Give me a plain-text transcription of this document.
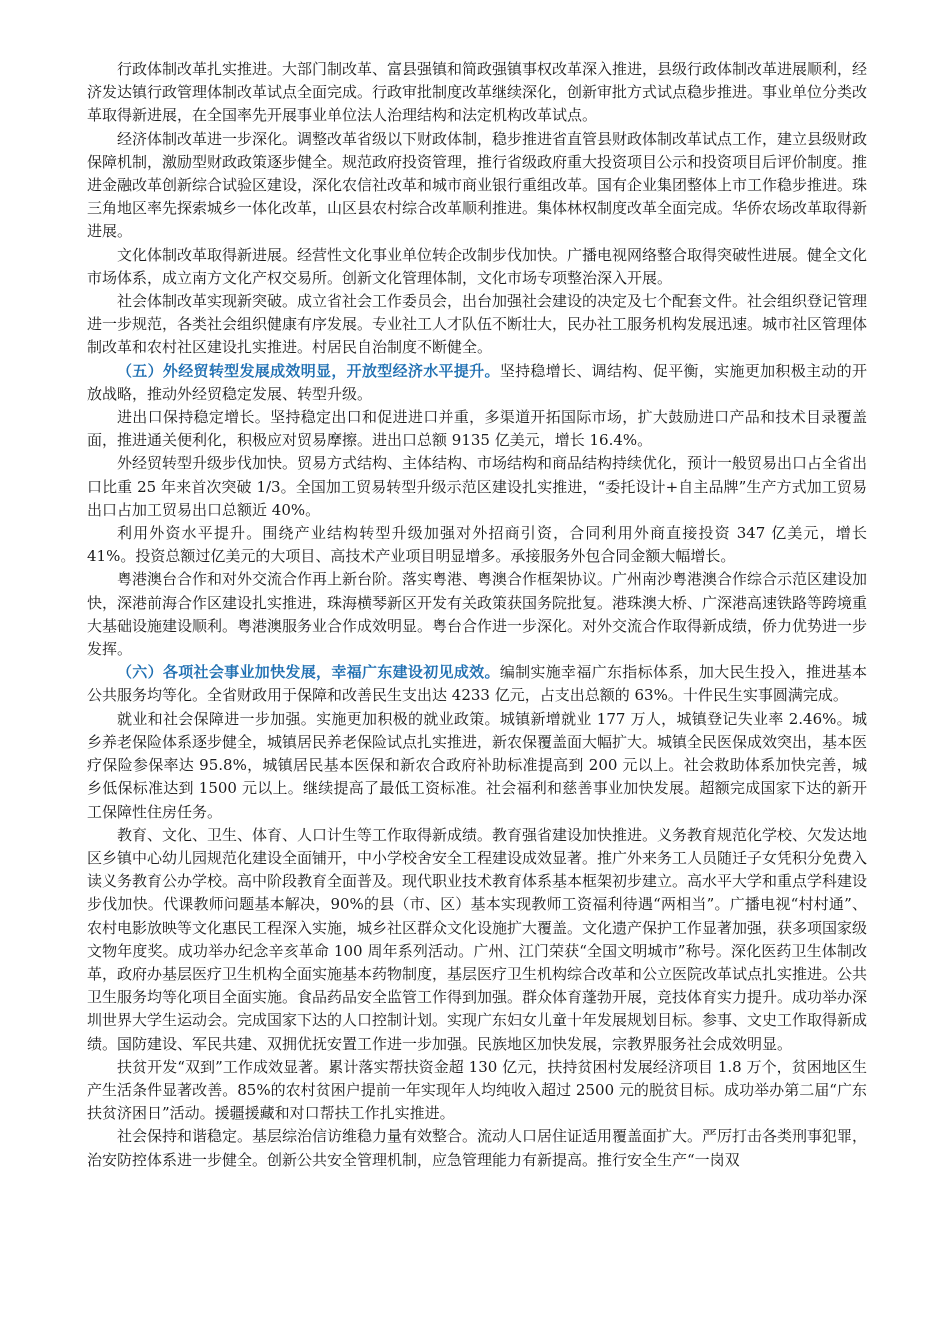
行政体制改革扎实推进。大部门制改革、富县强镇和简政强镇事权改革深入推进，县级行政体制改革进展顺利，经济发达镇行政管理体制改革试点全面完成。行政审批制度改革继续深化，创新审批方式试点稳步推进。事业单位分类改革取得新进展，在全国率先开展事业单位法人治理结构和法定机构改革试点。

经济体制改革进一步深化。调整改革省级以下财政体制，稳步推进省直管县财政体制改革试点工作，建立县级财政保障机制，激励型财政政策逐步健全。规范政府投资管理，推行省级政府重大投资项目公示和投资项目后评价制度。推进金融改革创新综合试验区建设，深化农信社改革和城市商业银行重组改革。国有企业集团整体上市工作稳步推进。珠三角地区率先探索城乡一体化改革，山区县农村综合改革顺利推进。集体林权制度改革全面完成。华侨农场改革取得新进展。

文化体制改革取得新进展。经营性文化事业单位转企改制步伐加快。广播电视网络整合取得突破性进展。健全文化市场体系，成立南方文化产权交易所。创新文化管理体制，文化市场专项整治深入开展。

社会体制改革实现新突破。成立省社会工作委员会，出台加强社会建设的决定及七个配套文件。社会组织登记管理进一步规范，各类社会组织健康有序发展。专业社工人才队伍不断壮大，民办社工服务机构发展迅速。城市社区管理体制改革和农村社区建设扎实推进。村居民自治制度不断健全。

（五）外经贸转型发展成效明显，开放型经济水平提升。坚持稳增长、调结构、促平衡，实施更加积极主动的开放战略，推动外经贸稳定发展、转型升级。

进出口保持稳定增长。坚持稳定出口和促进进口并重，多渠道开拓国际市场，扩大鼓励进口产品和技术目录覆盖面，推进通关便利化，积极应对贸易摩擦。进出口总额 9135 亿美元，增长 16.4%。

外经贸转型升级步伐加快。贸易方式结构、主体结构、市场结构和商品结构持续优化，预计一般贸易出口占全省出口比重 25 年来首次突破 1/3。全国加工贸易转型升级示范区建设扎实推进，“委托设计+自主品牌”生产方式加工贸易出口占加工贸易出口总额近 40%。

利用外资水平提升。围绕产业结构转型升级加强对外招商引资，合同利用外商直接投资 347 亿美元，增长 41%。投资总额过亿美元的大项目、高技术产业项目明显增多。承接服务外包合同金额大幅增长。

粤港澳台合作和对外交流合作再上新台阶。落实粤港、粤澳合作框架协议。广州南沙粤港澳合作综合示范区建设加快，深港前海合作区建设扎实推进，珠海横琴新区开发有关政策获国务院批复。港珠澳大桥、广深港高速铁路等跨境重大基础设施建设顺利。粤港澳服务业合作成效明显。粤台合作进一步深化。对外交流合作取得新成绩，侨力优势进一步发挥。

（六）各项社会事业加快发展，幸福广东建设初见成效。编制实施幸福广东指标体系，加大民生投入，推进基本公共服务均等化。全省财政用于保障和改善民生支出达 4233 亿元，占支出总额的 63%。十件民生实事圆满完成。

就业和社会保障进一步加强。实施更加积极的就业政策。城镇新增就业 177 万人，城镇登记失业率 2.46%。城乡养老保险体系逐步健全，城镇居民养老保险试点扎实推进，新农保覆盖面大幅扩大。城镇全民医保成效突出，基本医疗保险参保率达 95.8%，城镇居民基本医保和新农合政府补助标准提高到 200 元以上。社会救助体系加快完善，城乡低保标准达到 1500 元以上。继续提高了最低工资标准。社会福利和慈善事业加快发展。超额完成国家下达的新开工保障性住房任务。

教育、文化、卫生、体育、人口计生等工作取得新成绩。教育强省建设加快推进。义务教育规范化学校、欠发达地区乡镇中心幼儿园规范化建设全面铺开，中小学校舍安全工程建设成效显著。推广外来务工人员随迁子女凭积分免费入读义务教育公办学校。高中阶段教育全面普及。现代职业技术教育体系基本框架初步建立。高水平大学和重点学科建设步伐加快。代课教师问题基本解决，90%的县（市、区）基本实现教师工资福利待遇“两相当”。广播电视“村村通”、农村电影放映等文化惠民工程深入实施，城乡社区群众文化设施扩大覆盖。文化遗产保护工作显著加强，获多项国家级文物年度奖。成功举办纪念辛亥革命 100 周年系列活动。广州、江门荣获“全国文明城市”称号。深化医药卫生体制改革，政府办基层医疗卫生机构全面实施基本药物制度，基层医疗卫生机构综合改革和公立医院改革试点扎实推进。公共卫生服务均等化项目全面实施。食品药品安全监管工作得到加强。群众体育蓬勃开展，竞技体育实力提升。成功举办深圳世界大学生运动会。完成国家下达的人口控制计划。实现广东妇女儿童十年发展规划目标。参事、文史工作取得新成绩。国防建设、军民共建、双拥优抚安置工作进一步加强。民族地区加快发展，宗教界服务社会成效明显。

扶贫开发“双到”工作成效显著。累计落实帮扶资金超 130 亿元，扶持贫困村发展经济项目 1.8 万个，贫困地区生产生活条件显著改善。85%的农村贫困户提前一年实现年人均纯收入超过 2500 元的脱贫目标。成功举办第二届“广东扶贫济困日”活动。援疆援藏和对口帮扶工作扎实推进。

社会保持和谐稳定。基层综治信访维稳力量有效整合。流动人口居住证适用覆盖面扩大。严厉打击各类刑事犯罪，治安防控体系进一步健全。创新公共安全管理机制，应急管理能力有新提高。推行安全生产“一岗双
